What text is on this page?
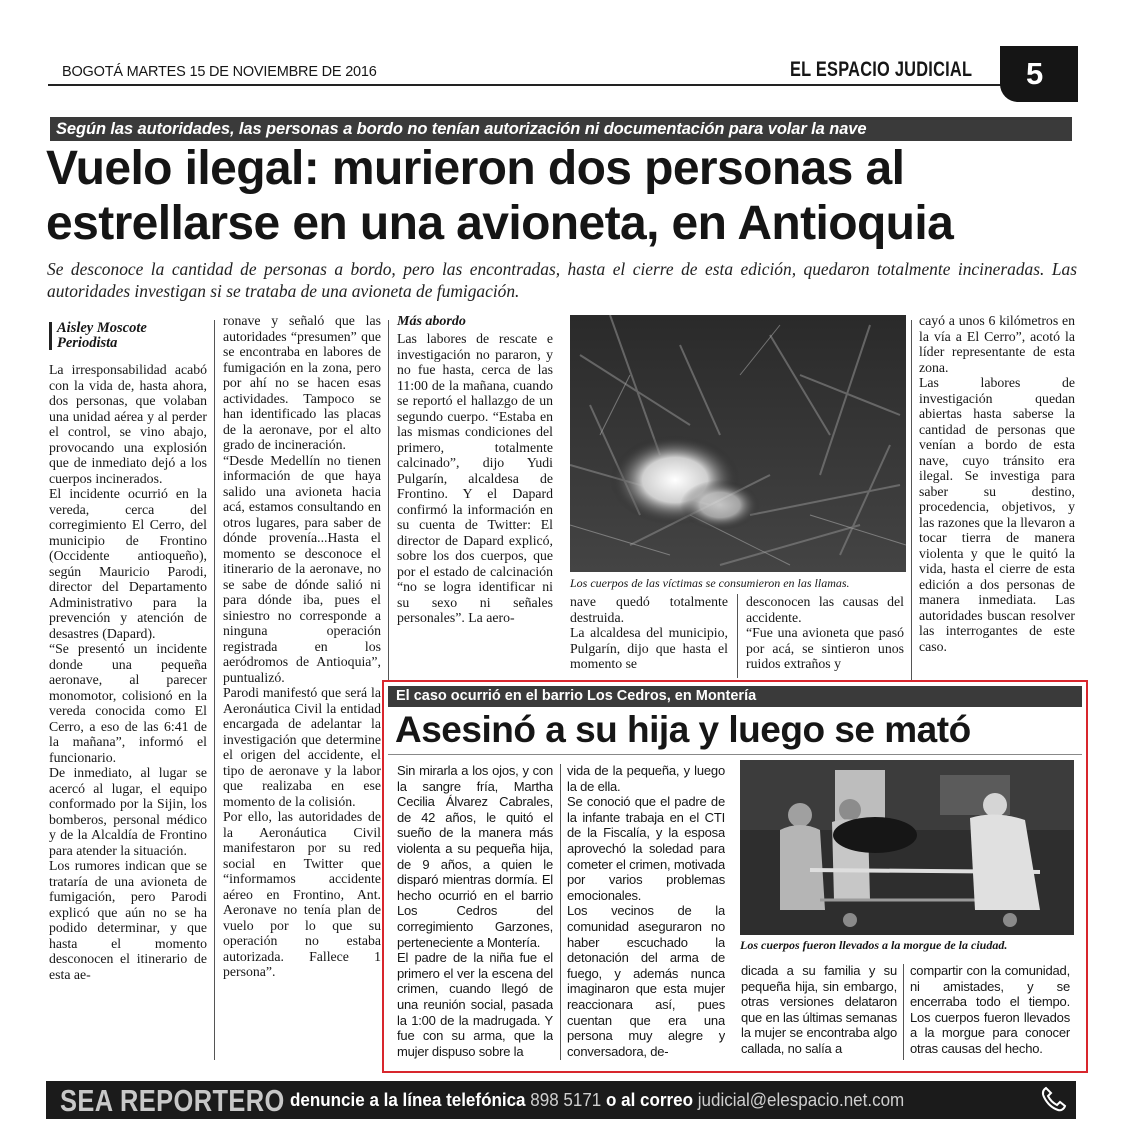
BOGOTÁ MARTES 15 DE NOVIEMBRE DE 2016	EL ESPACIO JUDICIAL 5
Según las autoridades, las personas a bordo no tenían autorización ni documentación para volar la nave
Vuelo ilegal: murieron dos personas al estrellarse en una avioneta, en Antioquia
Se desconoce la cantidad de personas a bordo, pero las encontradas, hasta el cierre de esta edición, quedaron totalmente incineradas. Las autoridades investigan si se trataba de una avioneta de fumigación.
Aisley Moscote
Periodista

La irresponsabilidad acabó con la vida de, hasta ahora, dos personas, que volaban una unidad aérea y al perder el control, se vino abajo, provocando una explosión que de inmediato dejó a los cuerpos incinerados.
El incidente ocurrió en la vereda, cerca del corregimiento El Cerro, del municipio de Frontino (Occidente antioqueño), según Mauricio Parodi, director del Departamento Administrativo para la prevención y atención de desastres (Dapard).
“Se presentó un incidente donde una pequeña aeronave, al parecer monomotor, colisionó en la vereda conocida como El Cerro, a eso de las 6:41 de la mañana”, informó el funcionario.
De inmediato, al lugar se acercó al lugar, el equipo conformado por la Sijin, los bomberos, personal médico y de la Alcaldía de Frontino para atender la situación.
Los rumores indican que se trataría de una avioneta de fumigación, pero Parodi explicó que aún no se ha podido determinar, y que hasta el momento desconocen el itinerario de esta ae-

ronave y señaló que las autoridades “presumen” que se encontraba en labores de fumigación en la zona, pero por ahí no se hacen esas actividades. Tampoco se han identificado las placas de la aeronave, por el alto grado de incineración.
“Desde Medellín no tienen información de que haya salido una avioneta hacia acá, estamos consultando en otros lugares, para saber de dónde provenía...Hasta el momento se desconoce el itinerario de la aeronave, no se sabe de dónde salió ni para dónde iba, pues el siniestro no corresponde a ninguna operación registrada en los aeródromos de Antioquia”, puntualizó.
Parodi manifestó que será la Aeronáutica Civil la entidad encargada de adelantar la investigación que determine el origen del accidente, el tipo de aeronave y la labor que realizaba en ese momento de la colisión.
Por ello, las autoridades de la Aeronáutica Civil manifestaron por su red social en Twitter que “informamos accidente aéreo en Frontino, Ant. Aeronave no tenía plan de vuelo por lo que su operación no estaba autorizada. Fallece 1 persona”.

Más abordo

Las labores de rescate e investigación no pararon, y no fue hasta, cerca de las 11:00 de la mañana, cuando se reportó el hallazgo de un segundo cuerpo. “Estaba en las mismas condiciones del primero, totalmente calcinado”, dijo Yudi Pulgarín, alcaldesa de Frontino. Y el Dapard confirmó la información en su cuenta de Twitter: El director de Dapard explicó, sobre los dos cuerpos, que por el estado de calcinación “no se logra identificar ni su sexo ni señales personales”. La aero-

Los cuerpos de las víctimas se consumieron en las llamas.

nave quedó totalmente destruida.
La alcaldesa del municipio, Pulgarín, dijo que hasta el momento se

desconocen las causas del accidente.
“Fue una avioneta que pasó por acá, se sintieron unos ruidos extraños y

cayó a unos 6 kilómetros en la vía a El Cerro”, acotó la líder representante de esta zona.
Las labores de investigación quedan abiertas hasta saberse la cantidad de personas que venían a bordo de esta nave, cuyo tránsito era ilegal. Se investiga para saber su destino, procedencia, objetivos, y las razones que la llevaron a tocar tierra de manera violenta y que le quitó la vida, hasta el cierre de esta edición a dos personas de manera inmediata. Las autoridades buscan resolver las interrogantes de este caso.

El caso ocurrió en el barrio Los Cedros, en Montería
Asesinó a su hija y luego se mató

Sin mirarla a los ojos, y con la sangre fría, Martha Cecilia Álvarez Cabrales, de 42 años, le quitó el sueño de la manera más violenta a su pequeña hija, de 9 años, a quien le disparó mientras dormía. El hecho ocurrió en el barrio Los Cedros del corregimiento Garzones, perteneciente a Montería.
El padre de la niña fue el primero el ver la escena del crimen, cuando llegó de una reunión social, pasada la 1:00 de la madrugada. Y fue con su arma, que la mujer dispuso sobre la

vida de la pequeña, y luego la de ella.
Se conoció que el padre de la infante trabaja en el CTI de la Fiscalía, y la esposa aprovechó la soledad para cometer el crimen, motivada por varios problemas emocionales.
Los vecinos de la comunidad aseguraron no haber escuchado la detonación del arma de fuego, y además nunca imaginaron que esta mujer reaccionara así, pues cuentan que era una persona muy alegre y conversadora, de-

Los cuerpos fueron llevados a la morgue de la ciudad.

dicada a su familia y su pequeña hija, sin embargo, otras versiones delataron que en las últimas semanas la mujer se encontraba algo callada, no salía a

compartir con la comunidad, ni amistades, y se encerraba todo el tiempo. Los cuerpos fueron llevados a la morgue para conocer otras causas del hecho.

SEA REPORTERO denuncie a la línea telefónica 898 5171 o al correo judicial@elespacio.net.com
